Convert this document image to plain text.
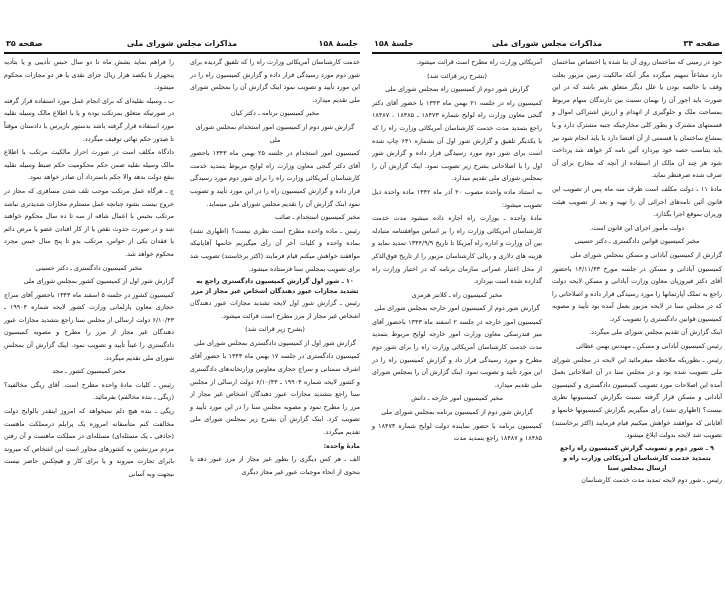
جلسهٔ ۱۵۸
مذاکرات مجلس شورای ملی
صفحه ۳۵

خدمت کارشناسان آمریکائی وزارت راه را که تلفیق گردیده برای شور دوم مورد رسیدگی قرار داده و گزارش کمیسیون راه را در این مورد تأیید و تصویب نمود اینک گزارش آن را بمجلس شورای ملی تقدیم میدارد.

مخبر کمیسیون برنامه ـ دکتر کیان

گزارش شور دوم از کمیسیون امور استخدام بمجلس شورای ملی

کمیسیون امور استخدام در جلسه ۲۵ بهمن ماه ۱۳۴۳ باحضور آقای دکتر گنجی معاون وزارت راه لوایح مربوط بتمدید خدمت کارشناسان آمریکائی وزارت راه را برای شور دوم مورد رسیدگی قرار داده و گزارش کمیسیون راه را در این مورد تأیید و تصویب نمود اینک گزارش آن را تقدیم مجلس شورای ملی مینماید.

مخبر کمیسیون استخدام ـ صائب

رئیس ـ ماده واحده مطرح است نظری نیست؟ (اظهاری نشد) بماده واحده و کلیات آخر آن رأی میگیریم خانمها آقایانیکه موافقند خواهش میکنم قیام فرمایند (اکثر برخاستند) تصویب شد برای تصویب بمجلس سنا فرستاده میشود.

۱۰ ـ شور اول گزارش کمیسیون دادگستری راجع به تشدید مجازات عبور دهندگان اشخاص غیر مجاز از مرز

رئیس ـ گزارش شور اول لایحه تشدید مجازات عبور دهندگان اشخاص غیر مجاز از مرز مطرح است قرائت میشود.

(بشرح زیر قرائت شد)

گزارش شور اول از کمیسیون دادگستری بمجلس شورای ملی

کمیسیون دادگستری در جلسه ۱۷ بهمن ماه ۱۳۴۳ با حضور آقای اشرف سمنانی و سراج حجازی معاونین وزارتخانه‌های دادگستری و کشور لایحه شماره ۱۹۹۰۴ ـ ۶/۱۰/۴۳ دولت ارسالی از مجلس سنا راجع بتشدید مجازات عبور دهندگان اشخاص غیر مجاز از مرز را مطرح نمود و مصوبه مجلس سنا را در این مورد تأیید و تصویب کرد. اینک گزارش آن بشرح زیر بمجلس شورای ملی تقدیم میگردد.

مادهٔ واحده:

الف ـ هر کس دیگری را بطور غیر مجاز از مرز عبور دهد یا بنحوی از انحاء موجبات عبور غیر مجاز دیگری

را فراهم نماید بشش ماه تا دو سال حبس تأدیبی و یا بتأدیه پنجهزار تا یکصد هزار ریال جزای نقدی یا هر دو مجازات محکوم میشود.

ب ـ وسیله نقلیه‌ای که برای انجام عمل مورد استفاده قرار گرفته در صورتیکه متعلق بمرتکب بوده و یا با اطلاع مالک وسیله نقلیه مورد استفاده قرار گرفته باشد بدستور بازپرس یا دادستان موقتاً تا صدور حکم نهائی توقیف میگردد.

دادگاه مکلف است در صورت احراز مالکیت مرتکب یا اطلاع مالک وسیله نقلیه ضمن حکم محکومیت حکم ضبط وسیله نقلیه بنفع دولت بدهد والا حکم باسترداد آن صادر خواهد نمود.

ج ـ هرگاه عمل مرتکب موجب تلف شدن مسافری که مجاز در خروج نیست بشود چنانچه عمل مستلزم مجازات شدیدتری نباشد مرتکب بحبس با اعمال شاقه از سه تا ده سال محکوم خواهند شد و در صورت حدوث نقص یا از کار افتادن عضو یا مرض دائم یا فقدان یکی از حواس، مرتکب بدو تا پنج سال حبس مجرد محکوم خواهد شد.

مخبر کمیسیون دادگستری ـ دکتر حسینی

گزارش شور اول از کمیسیون کشور بمجلس شورای ملی

کمیسیون کشور در جلسه ۵ اسفند ماه ۱۳۴۳ باحضور آقای سراج حجازی معاون پارلمانی وزارت کشور لایحه شماره ۱۹۹۰۴ ـ ۶/۱۰/۴۳ دولت ارسالی از مجلس سنا راجع بتشدید مجازات عبور دهندگان غیر مجاز از مرز را مطرح و مصوبه کمیسیون دادگستری را عیناً تأیید و تصویب نمود. اینک گزارش آن بمجلس شورای ملی تقدیم میگردد.

مخبر کمیسیون کشور ـ مجد

رئیس ـ کلیات مادهٔ واحده مطرح است. آقای ریگی مخالفید؟ (ریگی ـ بنده مخالفم) بفرمائید.

ریگی ـ بنده هیچ دلم نمیخواهد که امروز اینقدر بالوایح دولت مخالفت کنم متأسفانه امروزه یک پرابلم درمملکت ماهست (حاذقی ـ یک مسئله‌ای) مسئله‌ای در مملکت ماهست و آن رفتن مردم مرزنشین به کشورهای مجاور است این اشخاص که میروند بایرای تجارت میروند و یا برای کار و هیچکس حاضر نیست بیجهت وبه آسانی

صفحه ۳۴
مذاکرات مجلس شورای ملی
جلسهٔ ۱۵۸

خود در زمینی که ساختمان روی آن بنا شده یا اختصاص ساختمان دارد مشاعاً سهیم میگردد مگر آنکه مالکیت زمین مزبور بعلت وقف یا خالصه بودن یا علل دیگر متعلق بغیر باشد که در این صورت باید اجور آن را بهمان نسبت بین دارندگان سهام مربوط بمساحت ملک و حلوگیری از انهدام و ارزش اشتراکی اموال و قسمتهای مشترک و بطور کلی مخارجیکه جنبه مشترک دارد و یا بمشاع ساختمان یا قسمتی از آن اقتضا دارد یا باید انجام شود نیز باید بتناسب حصه خود بپردازد آئین نامه کر خواهد شد پرداخت شود هر چند آن مالک از استفاده از آنچه که مخارج برای آن صرف شده صرفنظر نماید.

مادهٔ ۱۱ ـ دولت مکلف است ظرف سه ماه پس از تصویب این قانون آئین نامه‌های اجرائی آن را تهیه و بعد از تصویب هیئت وزیران بموقع اجرا بگذارد.

دولت مأمور اجرای این قانون است.

مخبر کمیسیون قوانین دادگستری ـ دکتر حسینی

گزارش از کمیسیون آبادانی و مسکن بمجلس شورای ملی

کمیسیون آبادانی و مسکن در جلسه مورخ ۱۴/۱۱/۴۳ باحضور آقای دکتر فیروزیان معاون وزارت آبادانی و مسکن لایحه دولت راجع به تملک آپارتمانها را مورد رسیدگی قرار داده و اصلاحاتی را که در مجلس سنا در لایحه مزبور بعمل آمده بود تأیید و مصوبه کمیسیون قوانین دادگستری را تصویب کرد.

اینک گزارش آن تقدیم مجلس شورای ملی میگردد.

رئیس کمیسیون آبادانی و مسکن ـ مهندس بهمن عطائی

رئیس ـ بطوریکه ملاحظه میفرمائید این لایحه در مجلس شورای ملی تصویب شده بود و در مجلس سنا در آن اصلاحاتی بعمل آمده این اصلاحات مورد تصویب کمیسیون دادگستری و کمیسیون آبادانی و مسکن قرار گرفته نسبت بگزارش کمیسیونها نظری نیست؟ (اظهاری نشد) رأی میگیریم بگزارش کمیسیونها خانمها و آقایانی که موافقند خواهش میکنیم قیام فرمایند (اکثر برخاستند) تصویب شد لایحه بدولت ابلاغ میشود.

۹ ـ شور دوم و تصویب گزارش کمیسیون راه راجع بتمدید خدمت کارشناسان آمریکائی وزارت راه و ارسال بمجلس سنا

رئیس ـ شور دوم لایحه تمدید مدت خدمت کارشناسان

آمریکائی وزارت راه مطرح است قرائت میشود.

(بشرح زیر قرائت شد)

گزارش شور دوم از کمیسیون راه بمجلس شورای ملی

کمیسیون راه در جلسه ۲۱ بهمن ماه ۱۳۴۳ با حضور آقای دکتر گنجی معاون وزارت راه لوایح شماره ۱۸۴۷۳ ـ ۱۸۴۸۵ ، ۱۸۴۸۷ راجع بتمدید مدت خدمت کارشناسان آمریکائی وزارت راه را که با یکدیگر تلفیق و گزارش شور اول آن بشماره ۶۴۱ چاپ شده است برای شور دوم مورد رسیدگی قرار داده و گزارش شور اول را با اصلاحاتی بشرح زیر تصویب نمود. اینک گزارش آن را بمجلس شورای ملی تقدیم میدارد.

به استناد ماده واحده مصوب ۲۰ آذر ماه ۱۳۴۲ ماده واحده ذیل تصویب میشود:

مادهٔ واحده ـ بوزارت راه اجازه داده میشود مدت خدمت کارشناسان آمریکائی وزارت راه را بر اساس موافقتنامه متبادله بین آن وزارت و اداره راه آمریکا تا تاریخ ۱۳۴۴/۹/۹ تمدید نماید و هزینه های دلاری و ریالی کارشناسان مزبور را از تاریخ فوق‌الذکر از محل اعتبار عمرانی سازمان برنامه که در اختیار وزارت راه گذارده شده است بپردازد.

مخبر کمیسیون راه ـ کلانتر هرمزی

گزارش شور دوم از کمیسیون امور خارجه بمجلس شورای ملی

کمیسیون امور خارجه در جلسه ۲ اسفند ماه ۱۳۴۳ باحضور آقای میر فندرسکی معاون وزارت امور خارجه لوایح مربوط بتمدید مدت خدمت کارشناسان آمریکائی وزارت راه را برای شور دوم مطرح و مورد رسیدگی قرار داد و گزارش کمیسیون راه را در این مورد تأیید و تصویب نمود. اینک گزارش آن را بمجلس شورای ملی تقدیم میدارد.

مخبر کمیسیون امور خارجه ـ دانش

گزارش شور دوم از کمیسیون برنامه بمجلس شورای ملی

کمیسیون برنامه با حضور نماینده دولت لوایح شماره ۱۸۴۷۳ و ۱۸۴۸۵ و ۱۸۴۸۷ راجع بتمدید مدت
